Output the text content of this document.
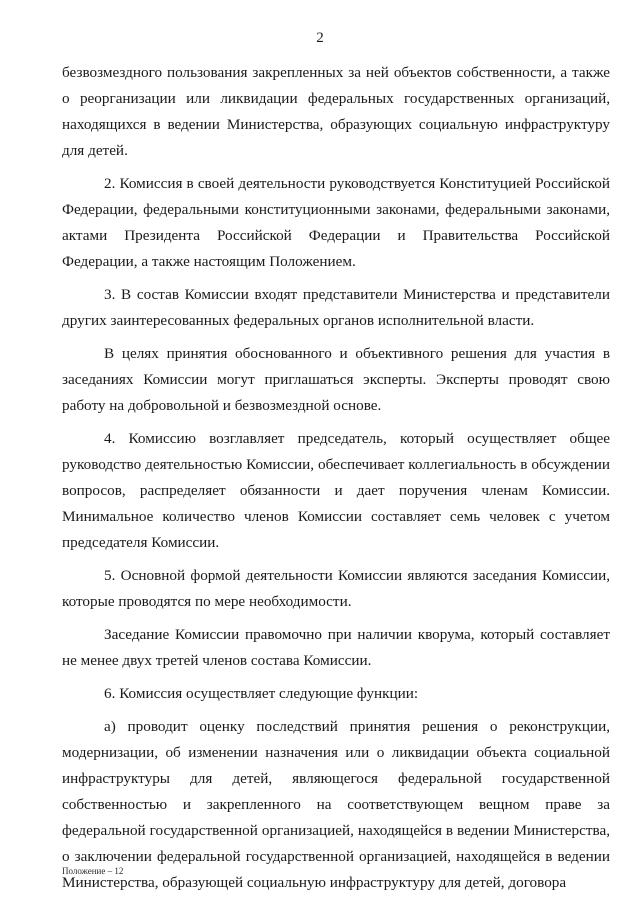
2

безвозмездного пользования закрепленных за ней объектов собственности, а также о реорганизации или ликвидации федеральных государственных организаций, находящихся в ведении Министерства, образующих социальную инфраструктуру для детей.

2. Комиссия в своей деятельности руководствуется Конституцией Российской Федерации, федеральными конституционными законами, федеральными законами, актами Президента Российской Федерации и Правительства Российской Федерации, а также настоящим Положением.

3. В состав Комиссии входят представители Министерства и представители других заинтересованных федеральных органов исполнительной власти.

В целях принятия обоснованного и объективного решения для участия в заседаниях Комиссии могут приглашаться эксперты. Эксперты проводят свою работу на добровольной и безвозмездной основе.

4. Комиссию возглавляет председатель, который осуществляет общее руководство деятельностью Комиссии, обеспечивает коллегиальность в обсуждении вопросов, распределяет обязанности и дает поручения членам Комиссии. Минимальное количество членов Комиссии составляет семь человек с учетом председателя Комиссии.

5. Основной формой деятельности Комиссии являются заседания Комиссии, которые проводятся по мере необходимости.

Заседание Комиссии правомочно при наличии кворума, который составляет не менее двух третей членов состава Комиссии.

6. Комиссия осуществляет следующие функции:

а) проводит оценку последствий принятия решения о реконструкции, модернизации, об изменении назначения или о ликвидации объекта социальной инфраструктуры для детей, являющегося федеральной государственной собственностью и закрепленного на соответствующем вещном праве за федеральной государственной организацией, находящейся в ведении Министерства, о заключении федеральной государственной организацией, находящейся в ведении Министерства, образующей социальную инфраструктуру для детей, договора

Положение – 12
